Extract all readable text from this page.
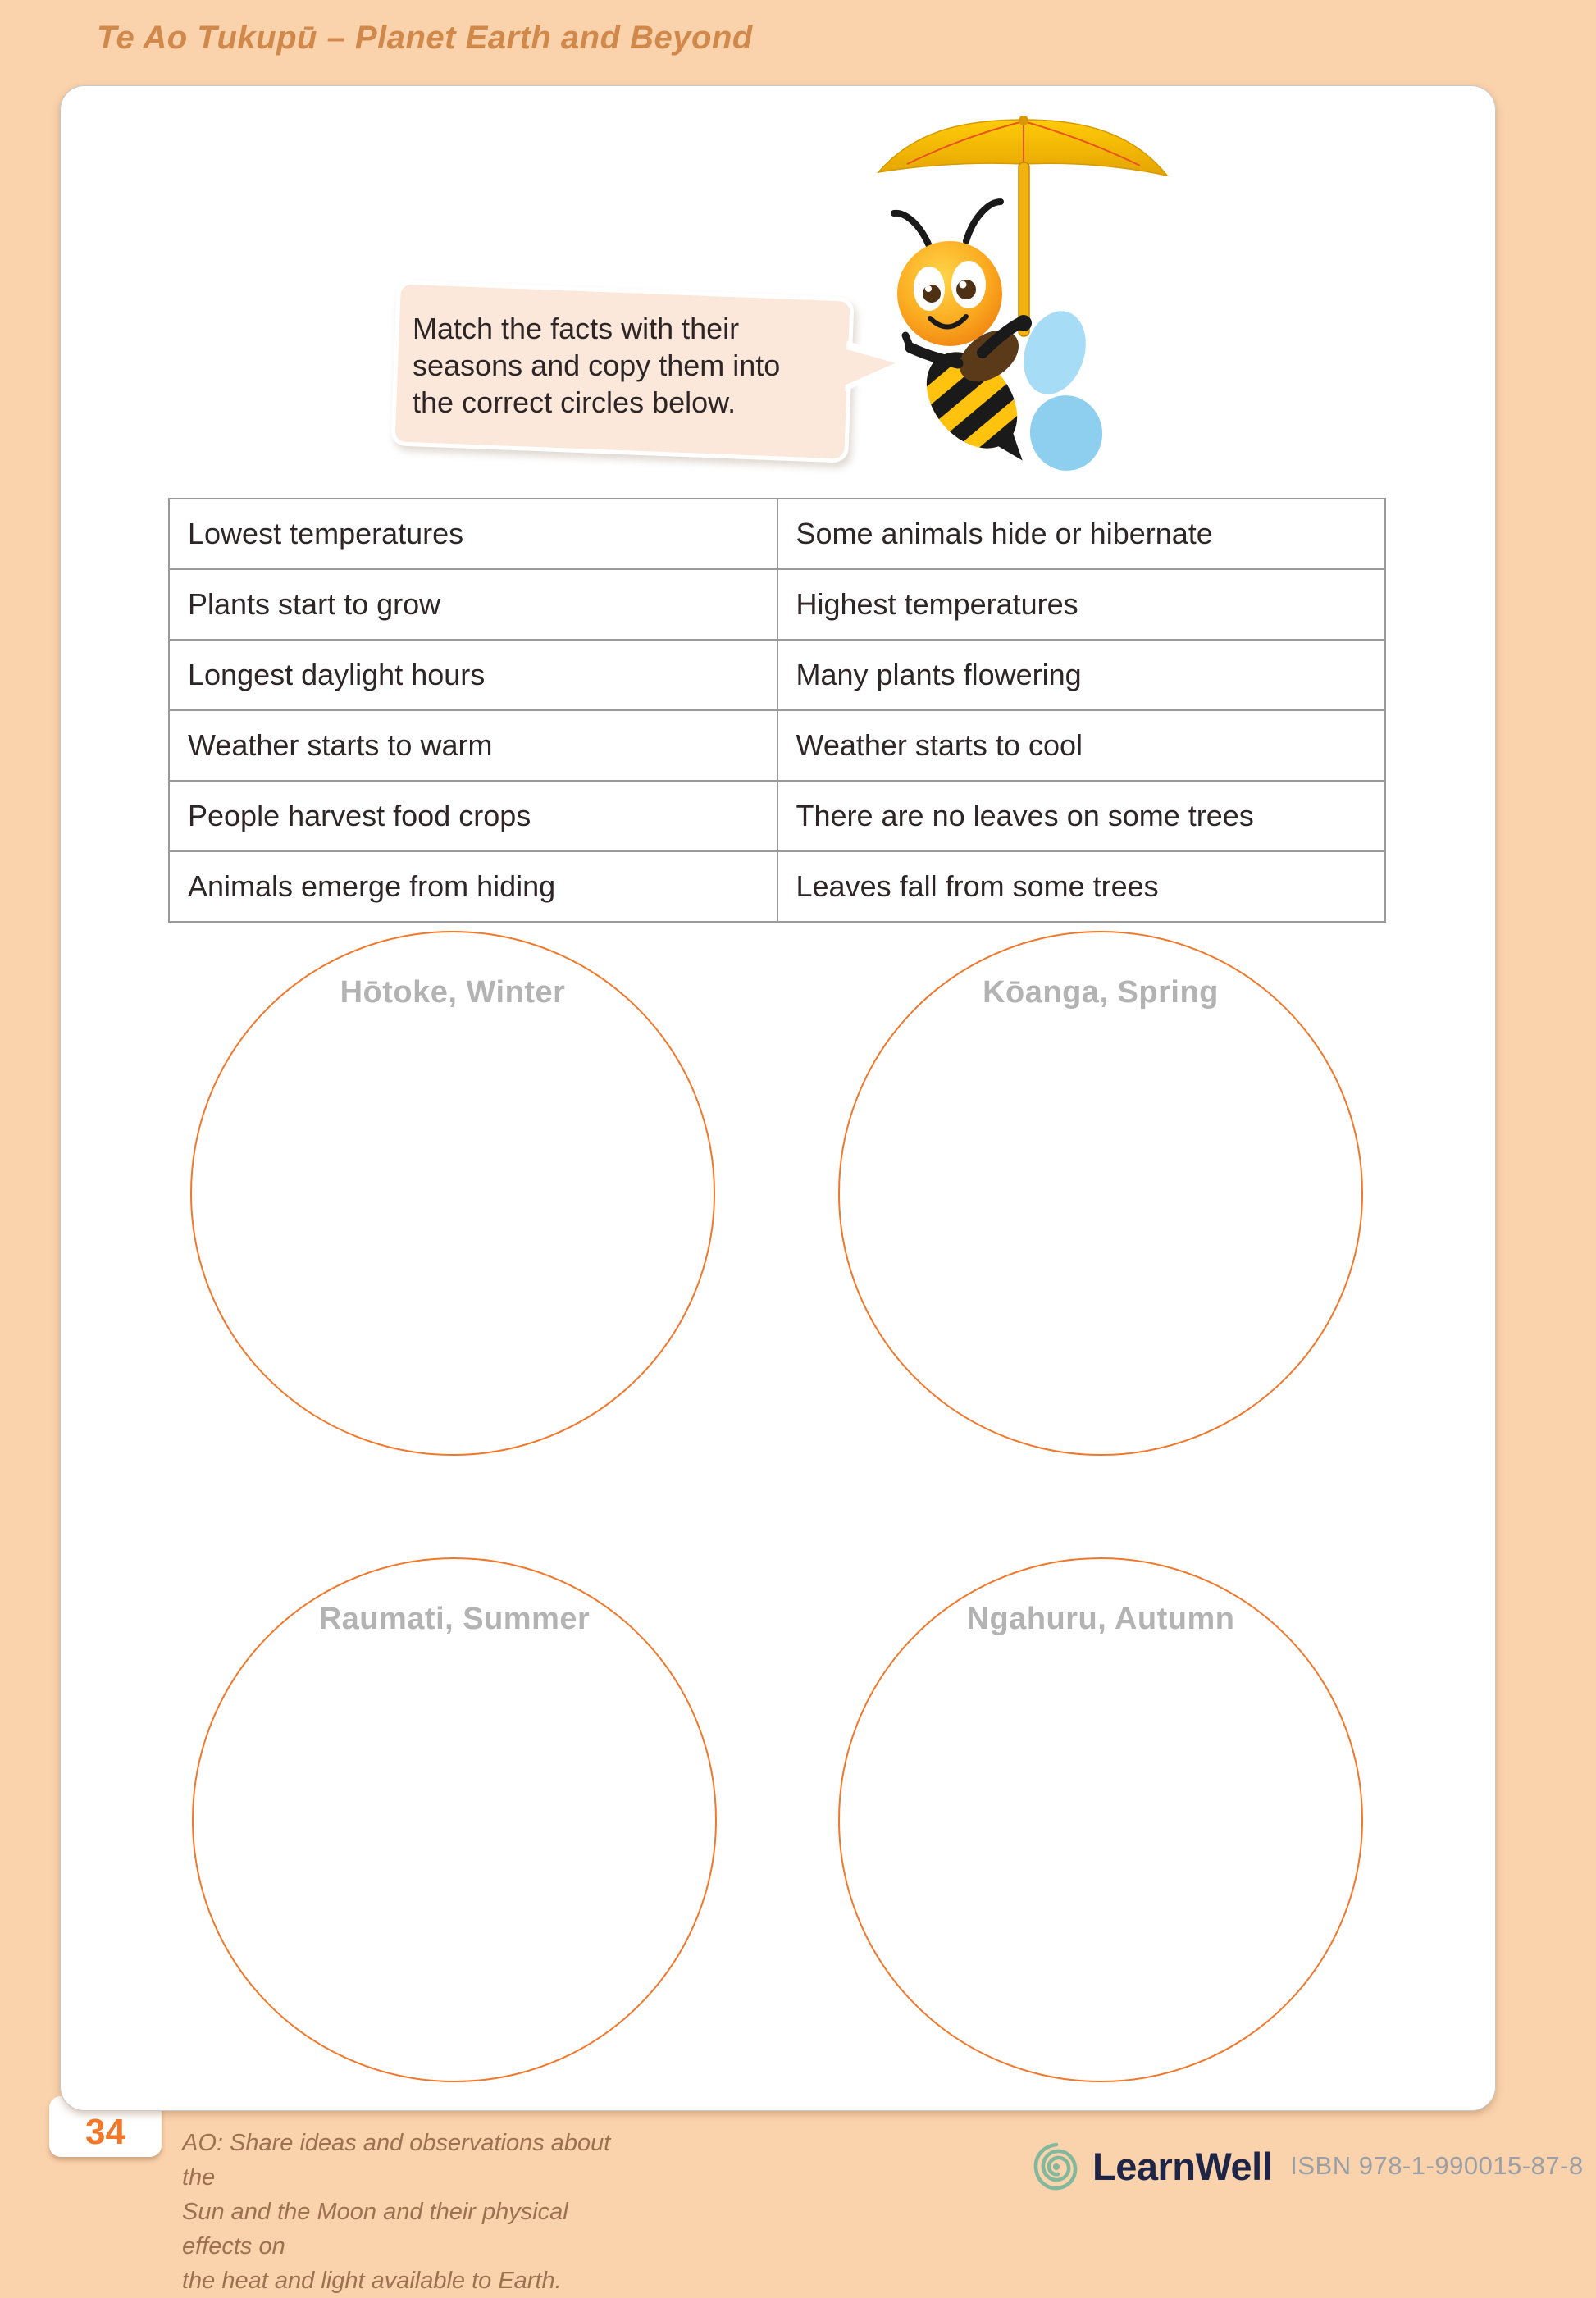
Te Ao Tukupū – Planet Earth and Beyond
Match the facts with their
seasons and copy them into
the correct circles below.
Lowest temperatures	Some animals hide or hibernate
Plants start to grow	Highest temperatures
Longest daylight hours	Many plants flowering
Weather starts to warm	Weather starts to cool
People harvest food crops	There are no leaves on some trees
Animals emerge from hiding	Leaves fall from some trees
Hōtoke, Winter	Kōanga, Spring
Raumati, Summer	Ngahuru, Autumn
34 AO: Share ideas and observations about the
Sun and the Moon and their physical effects on
the heat and light available to Earth.
LearnWell ISBN 978-1-990015-87-8
